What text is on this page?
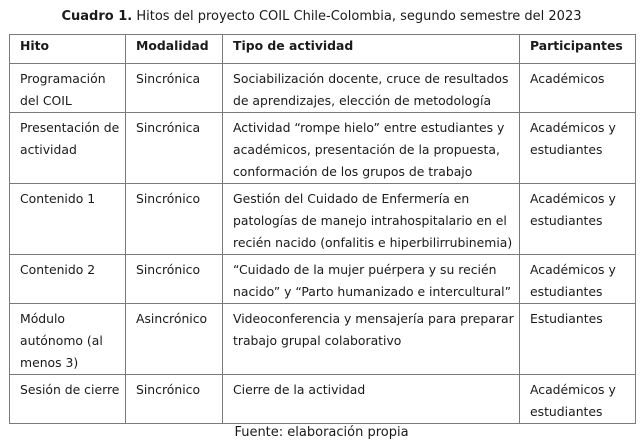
Cuadro 1. Hitos del proyecto COIL Chile-Colombia, segundo semestre del 2023
Hito	Modalidad	Tipo de actividad	Participantes
Programación del COIL	Sincrónica	Sociabilización docente, cruce de resultados de aprendizajes, elección de metodología	Académicos
Presentación de actividad	Sincrónica	Actividad “rompe hielo” entre estudiantes y académicos, presentación de la propuesta, conformación de los grupos de trabajo	Académicos y estudiantes
Contenido 1	Sincrónico	Gestión del Cuidado de Enfermería en patologías de manejo intrahospitalario en el recién nacido (onfalitis e hiperbilirrubinemia)	Académicos y estudiantes
Contenido 2	Sincrónico	“Cuidado de la mujer puérpera y su recién nacido” y “Parto humanizado e intercultural”	Académicos y estudiantes
Módulo autónomo (al menos 3)	Asincrónico	Videoconferencia y mensajería para preparar trabajo grupal colaborativo	Estudiantes
Sesión de cierre	Sincrónico	Cierre de la actividad	Académicos y estudiantes
Fuente: elaboración propia
